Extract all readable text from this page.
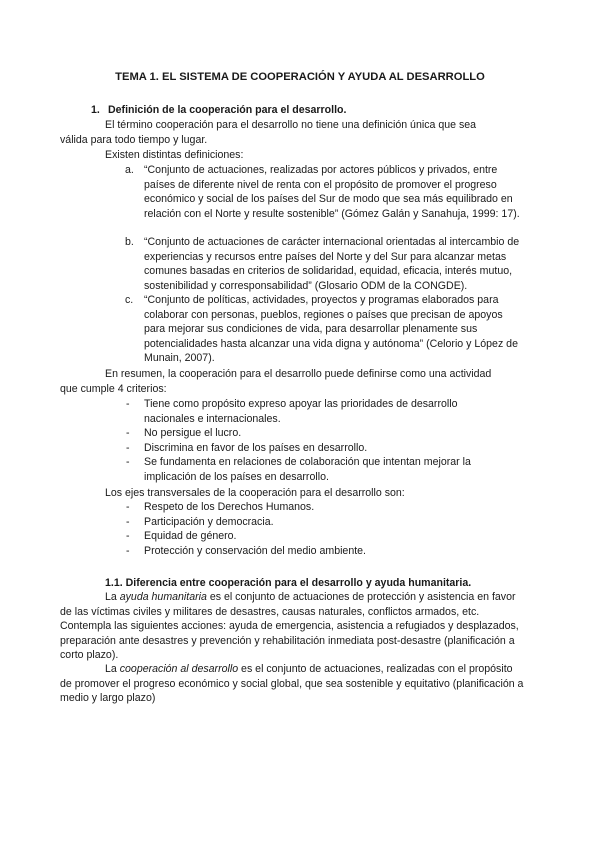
TEMA 1. EL SISTEMA DE COOPERACIÓN Y AYUDA AL DESARROLLO
1. Definición de la cooperación para el desarrollo.
El término cooperación para el desarrollo no tiene una definición única que sea
válida para todo tiempo y lugar.
Existen distintas definiciones:
a. “Conjunto de actuaciones, realizadas por actores públicos y privados, entre países de diferente nivel de renta con el propósito de promover el progreso económico y social de los países del Sur de modo que sea más equilibrado en relación con el Norte y resulte sostenible” (Gómez Galán y Sanahuja, 1999: 17).
b. “Conjunto de actuaciones de carácter internacional orientadas al intercambio de experiencias y recursos entre países del Norte y del Sur para alcanzar metas comunes basadas en criterios de solidaridad, equidad, eficacia, interés mutuo, sostenibilidad y corresponsabilidad” (Glosario ODM de la CONGDE).
c. “Conjunto de políticas, actividades, proyectos y programas elaborados para colaborar con personas, pueblos, regiones o países que precisan de apoyos para mejorar sus condiciones de vida, para desarrollar plenamente sus potencialidades hasta alcanzar una vida digna y autónoma” (Celorio y López de Munain, 2007).
En resumen, la cooperación para el desarrollo puede definirse como una actividad
que cumple 4 criterios:
- Tiene como propósito expreso apoyar las prioridades de desarrollo nacionales e internacionales.
- No persigue el lucro.
- Discrimina en favor de los países en desarrollo.
- Se fundamenta en relaciones de colaboración que intentan mejorar la implicación de los países en desarrollo.
Los ejes transversales de la cooperación para el desarrollo son:
- Respeto de los Derechos Humanos.
- Participación y democracia.
- Equidad de género.
- Protección y conservación del medio ambiente.
1.1. Diferencia entre cooperación para el desarrollo y ayuda humanitaria.

La ayuda humanitaria es el conjunto de actuaciones de protección y asistencia en favor de las víctimas civiles y militares de desastres, causas naturales, conflictos armados, etc. Contempla las siguientes acciones: ayuda de emergencia, asistencia a refugiados y desplazados, preparación ante desastres y prevención y rehabilitación inmediata post-desastre (planificación a corto plazo).

La cooperación al desarrollo es el conjunto de actuaciones, realizadas con el propósito de promover el progreso económico y social global, que sea sostenible y equitativo (planificación a medio y largo plazo)
